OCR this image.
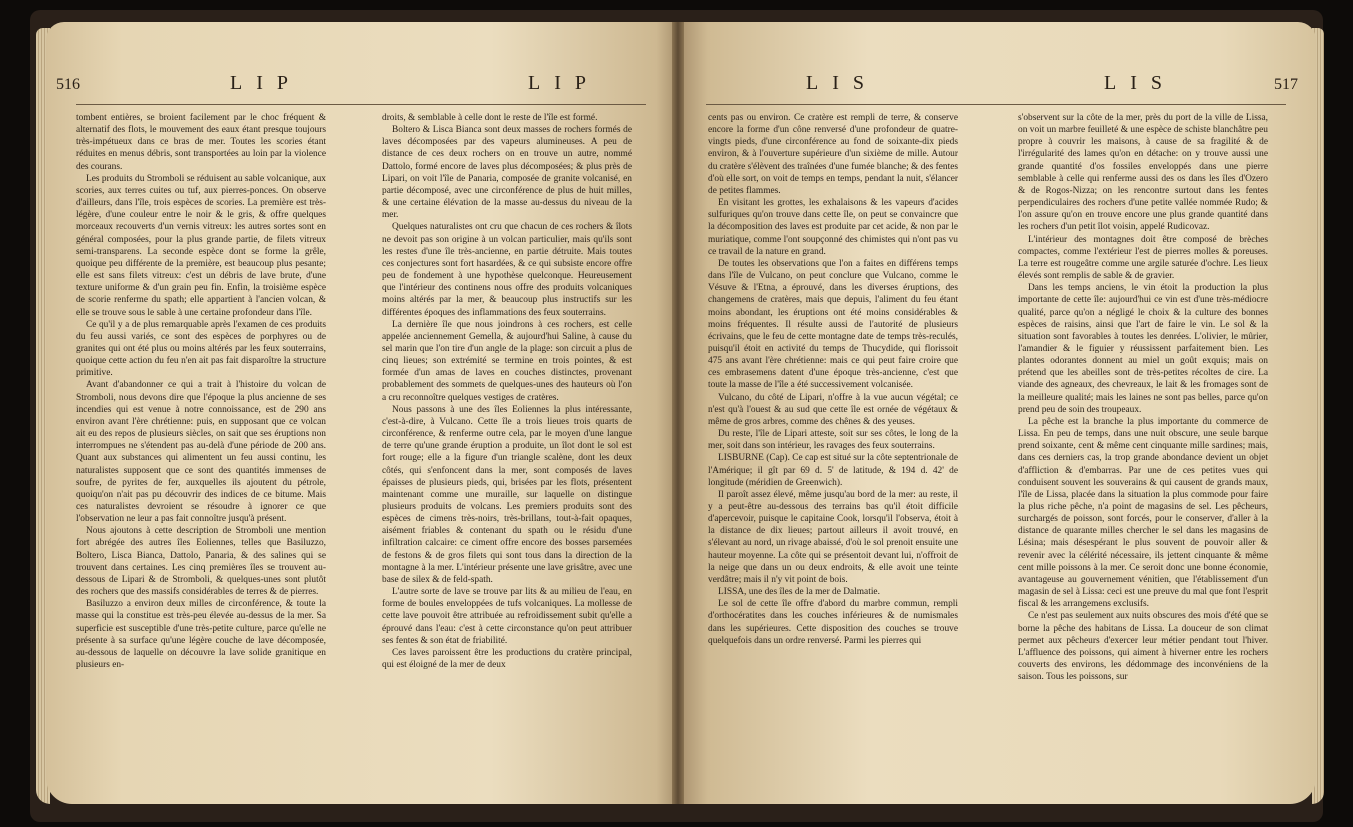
516	LIP	LIP

tombent entières, se broient facilement par le choc fréquent & alternatif des flots, le mouvement des eaux étant presque toujours très-impétueux dans ce bras de mer. Toutes les scories étant réduites en menus débris, sont transportées au loin par la violence des courans.

Les produits du Stromboli se réduisent au sable volcanique, aux scories, aux terres cuites ou tuf, aux pierres-ponces. On observe d'ailleurs, dans l'île, trois espèces de scories. La première est très-légère, d'une couleur entre le noir & le gris, & offre quelques morceaux recouverts d'un vernis vitreux: les autres sortes sont en général composées, pour la plus grande partie, de filets vitreux semi-transparens. La seconde espèce dont se forme la grêle, quoique peu différente de la première, est beaucoup plus pesante; elle est sans filets vitreux: c'est un débris de lave brute, d'une texture uniforme & d'un grain peu fin. Enfin, la troisième espèce de scorie renferme du spath; elle appartient à l'ancien volcan, & elle se trouve sous le sable à une certaine profondeur dans l'île.

Ce qu'il y a de plus remarquable après l'examen de ces produits du feu aussi variés, ce sont des espèces de porphyres ou de granites qui ont été plus ou moins altérés par les feux souterrains, quoique cette action du feu n'en ait pas fait disparoître la structure primitive.

Avant d'abandonner ce qui a trait à l'histoire du volcan de Stromboli, nous devons dire que l'époque la plus ancienne de ses incendies qui est venue à notre connoissance, est de 290 ans environ avant l'ère chrétienne: puis, en supposant que ce volcan ait eu des repos de plusieurs siècles, on sait que ses éruptions non interrompues ne s'étendent pas au-delà d'une période de 200 ans. Quant aux substances qui alimentent un feu aussi continu, les naturalistes supposent que ce sont des quantités immenses de soufre, de pyrites de fer, auxquelles ils ajoutent du pétrole, quoiqu'on n'ait pas pu découvrir des indices de ce bitume. Mais ces naturalistes devroient se résoudre à ignorer ce que l'observation ne leur a pas fait connoître jusqu'à présent.

Nous ajoutons à cette description de Stromboli une mention fort abrégée des autres îles Eoliennes, telles que Basiluzzo, Boltero, Lisca Bianca, Dattolo, Panaria, & des salines qui se trouvent dans certaines. Les cinq premières îles se trouvent au-dessous de Lipari & de Stromboli, & quelques-unes sont plutôt des rochers que des massifs considérables de terres & de pierres.

Basiluzzo a environ deux milles de circonférence, & toute la masse qui la constitue est très-peu élevée au-dessus de la mer. Sa superficie est susceptible d'une très-petite culture, parce qu'elle ne présente à sa surface qu'une légère couche de lave décomposée, au-dessous de laquelle on découvre la lave solide granitique en plusieurs en-

droits, & semblable à celle dont le reste de l'île est formé.

Boltero & Lisca Bianca sont deux masses de rochers formés de laves décomposées par des vapeurs alumineuses. A peu de distance de ces deux rochers on en trouve un autre, nommé Dattolo, formé encore de laves plus décomposées; & plus près de Lipari, on voit l'île de Panaria, composée de granite volcanisé, en partie décomposé, avec une circonférence de plus de huit milles, & une certaine élévation de la masse au-dessus du niveau de la mer.

Quelques naturalistes ont cru que chacun de ces rochers & îlots ne devoit pas son origine à un volcan particulier, mais qu'ils sont les restes d'une île très-ancienne, en partie détruite. Mais toutes ces conjectures sont fort hasardées, & ce qui subsiste encore offre peu de fondement à une hypothèse quelconque. Heureusement que l'intérieur des continens nous offre des produits volcaniques moins altérés par la mer, & beaucoup plus instructifs sur les différentes époques des inflammations des feux souterrains.

La dernière île que nous joindrons à ces rochers, est celle appelée anciennement Gemella, & aujourd'hui Saline, à cause du sel marin que l'on tire d'un angle de la plage: son circuit a plus de cinq lieues; son extrémité se termine en trois pointes, & est formée d'un amas de laves en couches distinctes, provenant probablement des sommets de quelques-unes des hauteurs où l'on a cru reconnoître quelques vestiges de cratères.

Nous passons à une des îles Eoliennes la plus intéressante, c'est-à-dire, à Vulcano. Cette île a trois lieues trois quarts de circonférence, & renferme outre cela, par le moyen d'une langue de terre qu'une grande éruption a produite, un îlot dont le sol est fort rouge; elle a la figure d'un triangle scalène, dont les deux côtés, qui s'enfoncent dans la mer, sont composés de laves épaisses de plusieurs pieds, qui, brisées par les flots, présentent maintenant comme une muraille, sur laquelle on distingue plusieurs produits de volcans. Les premiers produits sont des espèces de cimens très-noirs, très-brillans, tout-à-fait opaques, aisément friables & contenant du spath ou le résidu d'une infiltration calcaire: ce ciment offre encore des bosses parsemées de festons & de gros filets qui sont tous dans la direction de la montagne à la mer. L'intérieur présente une lave grisâtre, avec une base de silex & de feld-spath.

L'autre sorte de lave se trouve par lits & au milieu de l'eau, en forme de boules enveloppées de tufs volcaniques. La mollesse de cette lave pouvoit être attribuée au refroidissement subit qu'elle a éprouvé dans l'eau: c'est à cette circonstance qu'on peut attribuer ses fentes & son état de friabilité.

Ces laves paroissent être les productions du cratère principal, qui est éloigné de la mer de deux

LIS	LIS	517

cents pas ou environ. Ce cratère est rempli de terre, & conserve encore la forme d'un cône renversé d'une profondeur de quatre-vingts pieds, d'une circonférence au fond de soixante-dix pieds environ, & à l'ouverture supérieure d'un sixième de mille. Autour du cratère s'élèvent des traînées d'une fumée blanche; & des fentes d'où elle sort, on voit de temps en temps, pendant la nuit, s'élancer de petites flammes.

En visitant les grottes, les exhalaisons & les vapeurs d'acides sulfuriques qu'on trouve dans cette île, on peut se convaincre que la décomposition des laves est produite par cet acide, & non par le muriatique, comme l'ont soupçonné des chimistes qui n'ont pas vu ce travail de la nature en grand.

De toutes les observations que l'on a faites en différens temps dans l'île de Vulcano, on peut conclure que Vulcano, comme le Vésuve & l'Etna, a éprouvé, dans les diverses éruptions, des changemens de cratères, mais que depuis, l'aliment du feu étant moins abondant, les éruptions ont été moins considérables & moins fréquentes. Il résulte aussi de l'autorité de plusieurs écrivains, que le feu de cette montagne date de temps très-reculés, puisqu'il étoit en activité du temps de Thucydide, qui florissoit 475 ans avant l'ère chrétienne: mais ce qui peut faire croire que ces embrasemens datent d'une époque très-ancienne, c'est que toute la masse de l'île a été successivement volcanisée.

Vulcano, du côté de Lipari, n'offre à la vue aucun végétal; ce n'est qu'à l'ouest & au sud que cette île est ornée de végétaux & même de gros arbres, comme des chênes & des yeuses.

Du reste, l'île de Lipari atteste, soit sur ses côtes, le long de la mer, soit dans son intérieur, les ravages des feux souterrains.

LISBURNE (Cap). Ce cap est situé sur la côte septentrionale de l'Amérique; il gît par 69 d. 5' de latitude, & 194 d. 42' de longitude (méridien de Greenwich).

Il paroît assez élevé, même jusqu'au bord de la mer: au reste, il y a peut-être au-dessous des terrains bas qu'il étoit difficile d'apercevoir, puisque le capitaine Cook, lorsqu'il l'observa, étoit à la distance de dix lieues; partout ailleurs il avoit trouvé, en s'élevant au nord, un rivage abaissé, d'où le sol prenoit ensuite une hauteur moyenne. La côte qui se présentoit devant lui, n'offroit de la neige que dans un ou deux endroits, & elle avoit une teinte verdâtre; mais il n'y vit point de bois.

LISSA, une des îles de la mer de Dalmatie.

Le sol de cette île offre d'abord du marbre commun, rempli d'orthocératites dans les couches inférieures & de numismales dans les supérieures. Cette disposition des couches se trouve quelquefois dans un ordre renversé. Parmi les pierres qui

s'observent sur la côte de la mer, près du port de la ville de Lissa, on voit un marbre feuilleté & une espèce de schiste blanchâtre peu propre à couvrir les maisons, à cause de sa fragilité & de l'irrégularité des lames qu'on en détache: on y trouve aussi une grande quantité d'os fossiles enveloppés dans une pierre semblable à celle qui renferme aussi des os dans les îles d'Ozero & de Rogos-Nizza; on les rencontre surtout dans les fentes perpendiculaires des rochers d'une petite vallée nommée Rudo; & l'on assure qu'on en trouve encore une plus grande quantité dans les rochers d'un petit îlot voisin, appelé Rudicovaz.

L'intérieur des montagnes doit être composé de brèches compactes, comme l'extérieur l'est de pierres molles & poreuses. La terre est rougeâtre comme une argile saturée d'ochre. Les lieux élevés sont remplis de sable & de gravier.

Dans les temps anciens, le vin étoit la production la plus importante de cette île: aujourd'hui ce vin est d'une très-médiocre qualité, parce qu'on a négligé le choix & la culture des bonnes espèces de raisins, ainsi que l'art de faire le vin. Le sol & la situation sont favorables à toutes les denrées. L'olivier, le mûrier, l'amandier & le figuier y réussissent parfaitement bien. Les plantes odorantes donnent au miel un goût exquis; mais on prétend que les abeilles sont de très-petites récoltes de cire. La viande des agneaux, des chevreaux, le lait & les fromages sont de la meilleure qualité; mais les laines ne sont pas belles, parce qu'on prend peu de soin des troupeaux.

La pêche est la branche la plus importante du commerce de Lissa. En peu de temps, dans une nuit obscure, une seule barque prend soixante, cent & même cent cinquante mille sardines; mais, dans ces derniers cas, la trop grande abondance devient un objet d'affliction & d'embarras. Par une de ces petites vues qui conduisent souvent les souverains & qui causent de grands maux, l'île de Lissa, placée dans la situation la plus commode pour faire la plus riche pêche, n'a point de magasins de sel. Les pêcheurs, surchargés de poisson, sont forcés, pour le conserver, d'aller à la distance de quarante milles chercher le sel dans les magasins de Lésina; mais désespérant le plus souvent de pouvoir aller & revenir avec la célérité nécessaire, ils jettent cinquante & même cent mille poissons à la mer. Ce seroit donc une bonne économie, avantageuse au gouvernement vénitien, que l'établissement d'un magasin de sel à Lissa: ceci est une preuve du mal que font l'esprit fiscal & les arrangemens exclusifs.

Ce n'est pas seulement aux nuits obscures des mois d'été que se borne la pêche des habitans de Lissa. La douceur de son climat permet aux pêcheurs d'exercer leur métier pendant tout l'hiver. L'affluence des poissons, qui aiment à hiverner entre les rochers couverts des environs, les dédommage des inconvéniens de la saison. Tous les poissons, sur
